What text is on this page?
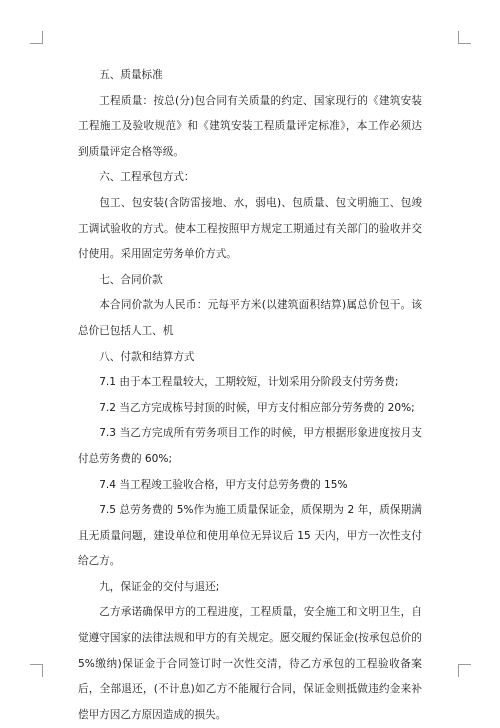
五、质量标准

工程质量：按总(分)包合同有关质量的约定、国家现行的《建筑安装工程施工及验收规范》和《建筑安装工程质量评定标准》，本工作必须达到质量评定合格等级。

六、工程承包方式：

包工、包安装(含防雷接地、水，弱电)、包质量、包文明施工、包竣工调试验收的方式。使本工程按照甲方规定工期通过有关部门的验收并交付使用。采用固定劳务单价方式。

七、合同价款

本合同价款为人民币：元每平方米(以建筑面积结算)属总价包干。该总价已包括人工、机

八、付款和结算方式

7.1 由于本工程量较大，工期较短，计划采用分阶段支付劳务费;

7.2 当乙方完成栋号封顶的时候，甲方支付相应部分劳务费的 20%;

7.3 当乙方完成所有劳务项目工作的时候，甲方根据形象进度按月支付总劳务费的 60%;

7.4 当工程竣工验收合格，甲方支付总劳务费的 15%

7.5 总劳务费的 5%作为施工质量保证金，质保期为 2 年，质保期满且无质量问题，建设单位和使用单位无异议后 15 天内，甲方一次性支付给乙方。

九，保证金的交付与退还;

乙方承诺确保甲方的工程进度，工程质量，安全施工和文明卫生，自觉遵守国家的法律法规和甲方的有关规定。愿交履约保证金(按承包总价的 5%缴纳)保证金于合同签订时一次性交清，待乙方承包的工程验收备案后，全部退还，(不计息)如乙方不能履行合同，保证金则抵做违约金来补偿甲方因乙方原因造成的损失。
